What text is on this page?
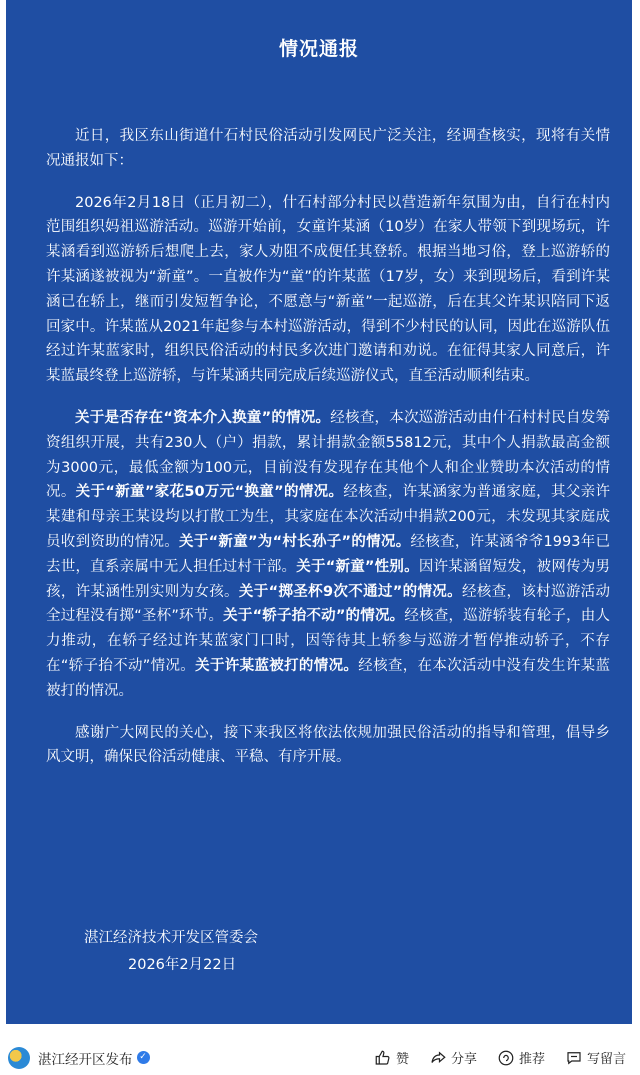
情况通报

近日，我区东山街道什石村民俗活动引发网民广泛关注，经调查核实，现将有关情况通报如下：

2026年2月18日（正月初二），什石村部分村民以营造新年氛围为由，自行在村内范围组织妈祖巡游活动。巡游开始前，女童许某涵（10岁）在家人带领下到现场玩，许某涵看到巡游轿后想爬上去，家人劝阻不成便任其登轿。根据当地习俗，登上巡游轿的许某涵遂被视为“新童”。一直被作为“童”的许某蓝（17岁，女）来到现场后，看到许某涵已在轿上，继而引发短暂争论，不愿意与“新童”一起巡游，后在其父许某识陪同下返回家中。许某蓝从2021年起参与本村巡游活动，得到不少村民的认同，因此在巡游队伍经过许某蓝家时，组织民俗活动的村民多次进门邀请和劝说。在征得其家人同意后，许某蓝最终登上巡游轿，与许某涵共同完成后续巡游仪式，直至活动顺利结束。

关于是否存在“资本介入换童”的情况。经核查，本次巡游活动由什石村村民自发筹资组织开展，共有230人（户）捐款，累计捐款金额55812元，其中个人捐款最高金额为3000元，最低金额为100元，目前没有发现存在其他个人和企业赞助本次活动的情况。关于“新童”家花50万元“换童”的情况。经核查，许某涵家为普通家庭，其父亲许某建和母亲王某设均以打散工为生，其家庭在本次活动中捐款200元，未发现其家庭成员收到资助的情况。关于“新童”为“村长孙子”的情况。经核查，许某涵爷爷1993年已去世，直系亲属中无人担任过村干部。关于“新童”性别。因许某涵留短发，被网传为男孩，许某涵性别实则为女孩。关于“掷圣杯9次不通过”的情况。经核查，该村巡游活动全过程没有掷“圣杯”环节。关于“轿子抬不动”的情况。经核查，巡游轿装有轮子，由人力推动，在轿子经过许某蓝家门口时，因等待其上轿参与巡游才暂停推动轿子，不存在“轿子抬不动”情况。关于许某蓝被打的情况。经核查，在本次活动中没有发生许某蓝被打的情况。

感谢广大网民的关心，接下来我区将依法依规加强民俗活动的指导和管理，倡导乡风文明，确保民俗活动健康、平稳、有序开展。

湛江经济技术开发区管委会
2026年2月22日
湛江经开区发布 ✓	赞	分享	推荐	写留言
